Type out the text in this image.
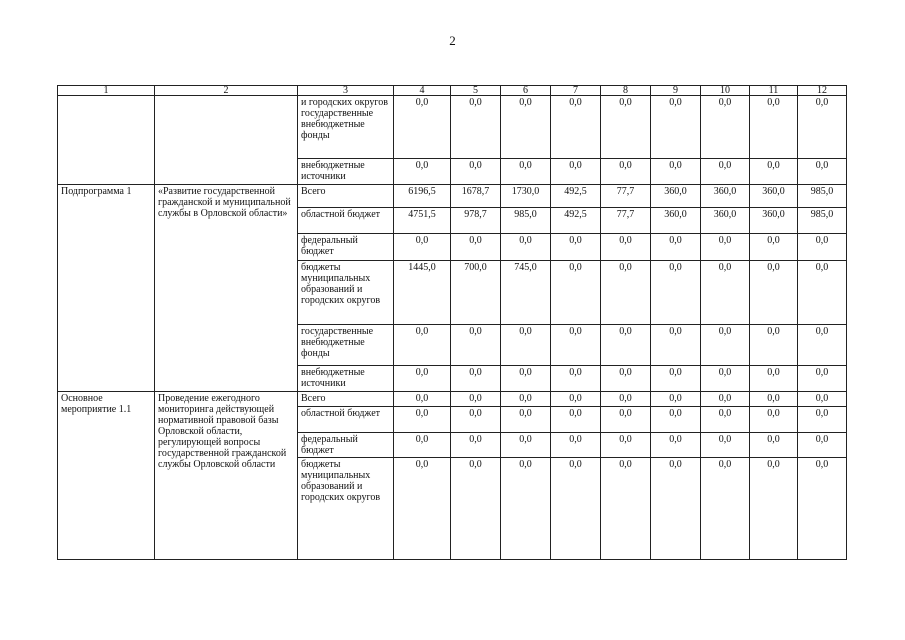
2
1	2	3	4	5	6	7	8	9	10	11	12
		и городских округов государственные внебюджетные фонды	0,0	0,0	0,0	0,0	0,0	0,0	0,0	0,0	0,0
		внебюджетные источники	0,0	0,0	0,0	0,0	0,0	0,0	0,0	0,0	0,0
Подпрограмма 1	«Развитие государственной гражданской и муниципальной службы в Орловской области»	Всего	6196,5	1678,7	1730,0	492,5	77,7	360,0	360,0	360,0	985,0
		областной бюджет	4751,5	978,7	985,0	492,5	77,7	360,0	360,0	360,0	985,0
		федеральный бюджет	0,0	0,0	0,0	0,0	0,0	0,0	0,0	0,0	0,0
		бюджеты муниципальных образований и городских округов	1445,0	700,0	745,0	0,0	0,0	0,0	0,0	0,0	0,0
		государственные внебюджетные фонды	0,0	0,0	0,0	0,0	0,0	0,0	0,0	0,0	0,0
		внебюджетные источники	0,0	0,0	0,0	0,0	0,0	0,0	0,0	0,0	0,0
Основное мероприятие 1.1	Проведение ежегодного мониторинга действующей нормативной правовой базы Орловской области, регулирующей вопросы государственной гражданской службы Орловской области	Всего	0,0	0,0	0,0	0,0	0,0	0,0	0,0	0,0	0,0
		областной бюджет	0,0	0,0	0,0	0,0	0,0	0,0	0,0	0,0	0,0
		федеральный бюджет	0,0	0,0	0,0	0,0	0,0	0,0	0,0	0,0	0,0
		бюджеты муниципальных образований и городских округов	0,0	0,0	0,0	0,0	0,0	0,0	0,0	0,0	0,0
